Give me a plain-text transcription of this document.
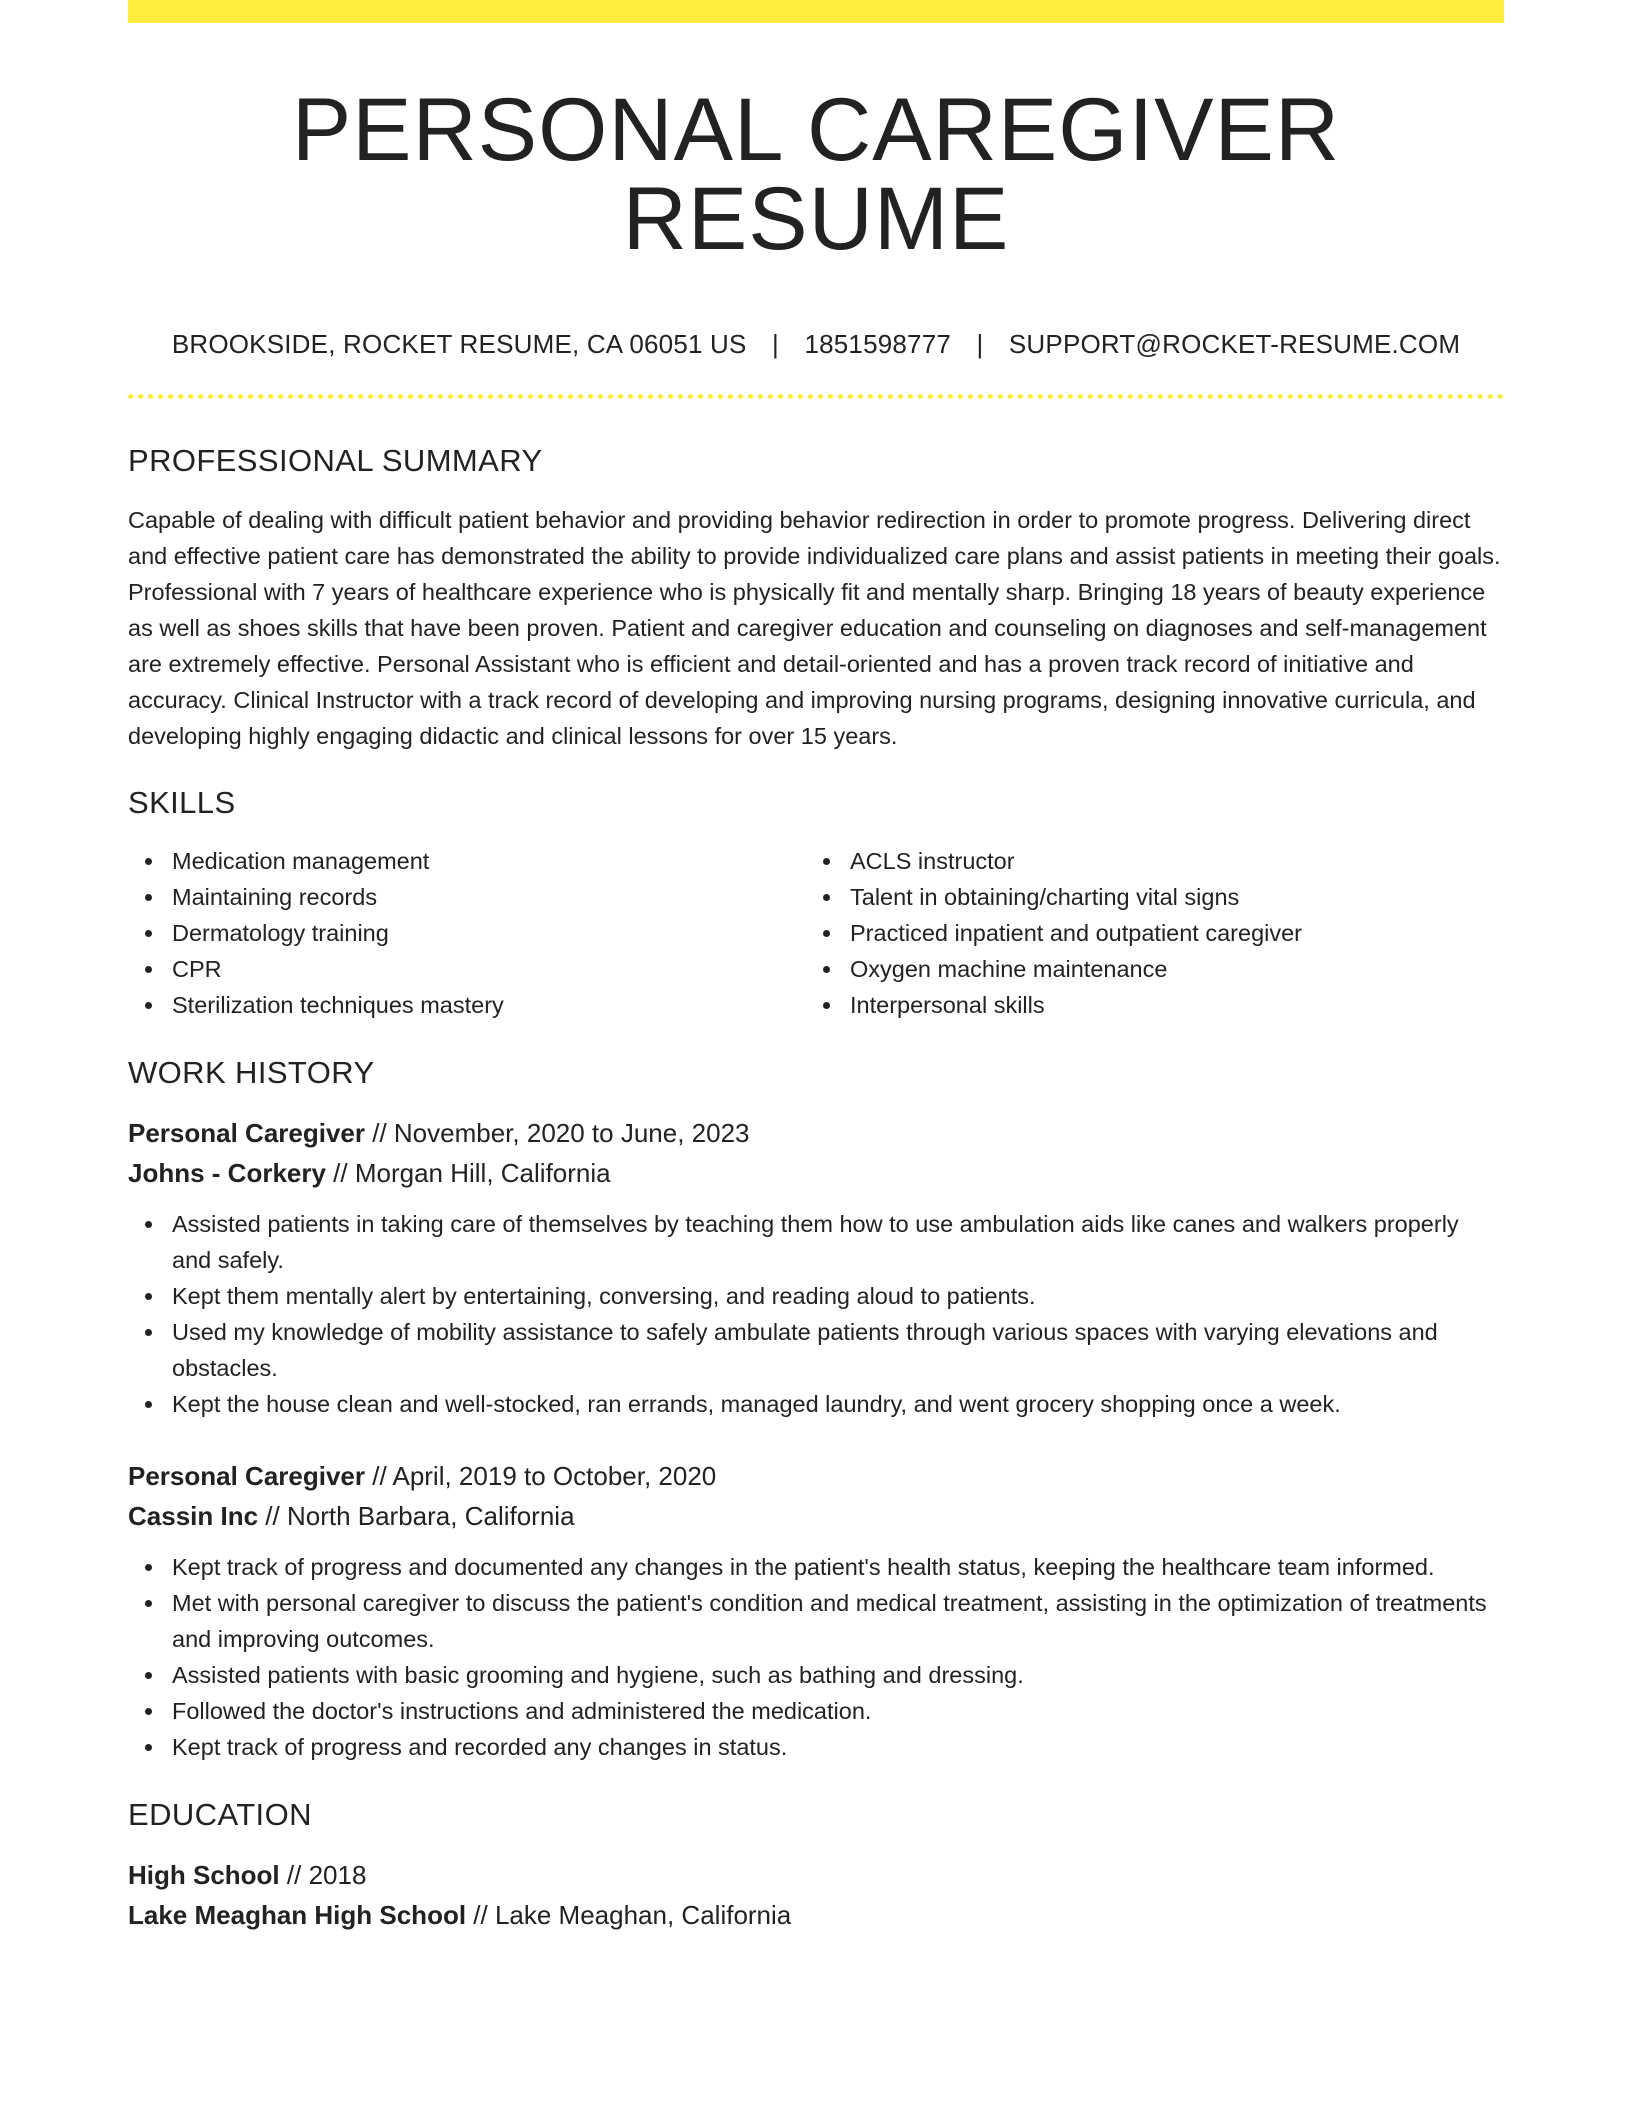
PERSONAL CAREGIVER RESUME
BROOKSIDE, ROCKET RESUME, CA 06051 US | 1851598777 | SUPPORT@ROCKET-RESUME.COM
PROFESSIONAL SUMMARY

Capable of dealing with difficult patient behavior and providing behavior redirection in order to promote progress. Delivering direct and effective patient care has demonstrated the ability to provide individualized care plans and assist patients in meeting their goals. Professional with 7 years of healthcare experience who is physically fit and mentally sharp. Bringing 18 years of beauty experience as well as shoes skills that have been proven. Patient and caregiver education and counseling on diagnoses and self-management are extremely effective. Personal Assistant who is efficient and detail-oriented and has a proven track record of initiative and accuracy. Clinical Instructor with a track record of developing and improving nursing programs, designing innovative curricula, and developing highly engaging didactic and clinical lessons for over 15 years.

SKILLS
Medication management
Maintaining records
Dermatology training
CPR
Sterilization techniques mastery
ACLS instructor
Talent in obtaining/charting vital signs
Practiced inpatient and outpatient caregiver
Oxygen machine maintenance
Interpersonal skills
WORK HISTORY
Personal Caregiver // November, 2020 to June, 2023
Johns - Corkery // Morgan Hill, California
Assisted patients in taking care of themselves by teaching them how to use ambulation aids like canes and walkers properly and safely.
Kept them mentally alert by entertaining, conversing, and reading aloud to patients.
Used my knowledge of mobility assistance to safely ambulate patients through various spaces with varying elevations and obstacles.
Kept the house clean and well-stocked, ran errands, managed laundry, and went grocery shopping once a week.
Personal Caregiver // April, 2019 to October, 2020
Cassin Inc // North Barbara, California
Kept track of progress and documented any changes in the patient's health status, keeping the healthcare team informed.
Met with personal caregiver to discuss the patient's condition and medical treatment, assisting in the optimization of treatments and improving outcomes.
Assisted patients with basic grooming and hygiene, such as bathing and dressing.
Followed the doctor's instructions and administered the medication.
Kept track of progress and recorded any changes in status.
EDUCATION
High School // 2018
Lake Meaghan High School // Lake Meaghan, California
